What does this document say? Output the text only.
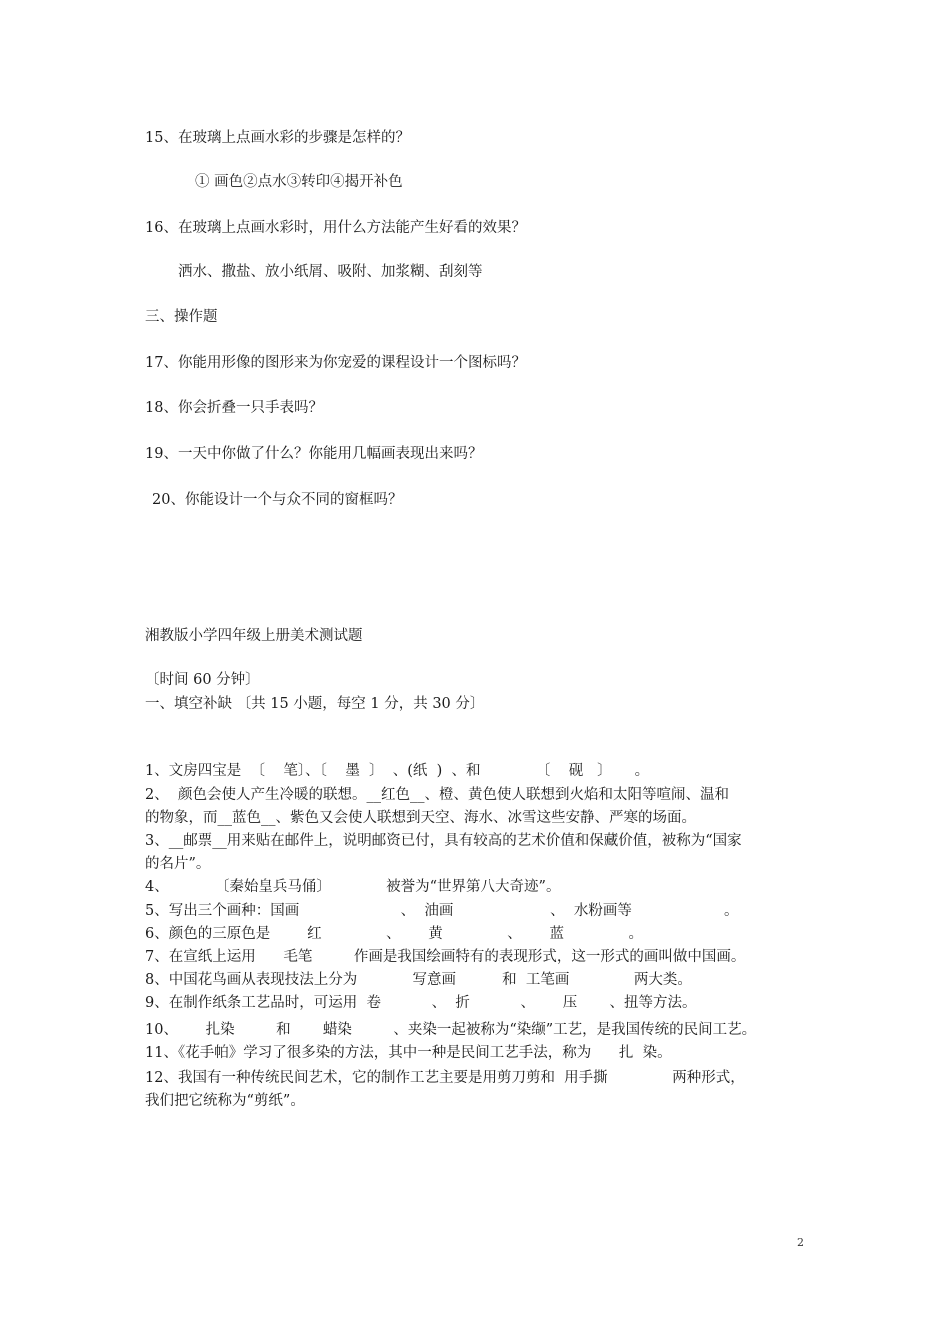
15、在玻璃上点画水彩的步骤是怎样的？
① 画色②点水③转印④揭开补色
16、在玻璃上点画水彩时，用什么方法能产生好看的效果？
洒水、撒盐、放小纸屑、吸附、加浆糊、刮刻等
三、操作题
17、你能用形像的图形来为你宠爱的课程设计一个图标吗？
18、你会折叠一只手表吗？
19、一天中你做了什么？你能用几幅画表现出来吗？
20、你能设计一个与众不同的窗框吗？
湘教版小学四年级上册美术测试题
〔时间 60 分钟〕
一、填空补缺 〔共 15 小题，每空 1 分，共 30 分〕
1、文房四宝是  〔    笔〕、〔    墨  〕  、(纸  )  、和            〔    砚   〕     。
2、  颜色会使人产生冷暖的联想。__红色__、橙、黄色使人联想到火焰和太阳等喧闹、温和
的物象，而__蓝色__、紫色又会使人联想到天空、海水、冰雪这些安静、严寒的场面。
3、__邮票__用来贴在邮件上，说明邮资已付，具有较高的艺术价值和保藏价值，被称为“国家
的名片”。
4、          〔秦始皇兵马俑〕            被誉为“世界第八大奇迹”。
5、写出三个画种：国画                      、  油画                     、  水粉画等                    。
6、颜色的三原色是        红              、      黄              、      蓝              。
7、在宣纸上运用      毛笔         作画是我国绘画特有的表现形式，这一形式的画叫做中国画。
8、中国花鸟画从表现技法上分为            写意画          和  工笔画              两大类。
9、在制作纸条工艺品时，可运用  卷           、  折           、      压       、扭等方法。
10、      扎染         和       蜡染         、夹染一起被称为“染缬”工艺，是我国传统的民间工艺。
11、《花手帕》学习了很多染的方法，其中一种是民间工艺手法，称为      扎  染。
12、我国有一种传统民间艺术，它的制作工艺主要是用剪刀剪和  用手撕              两种形式，
我们把它统称为“剪纸”。
2
